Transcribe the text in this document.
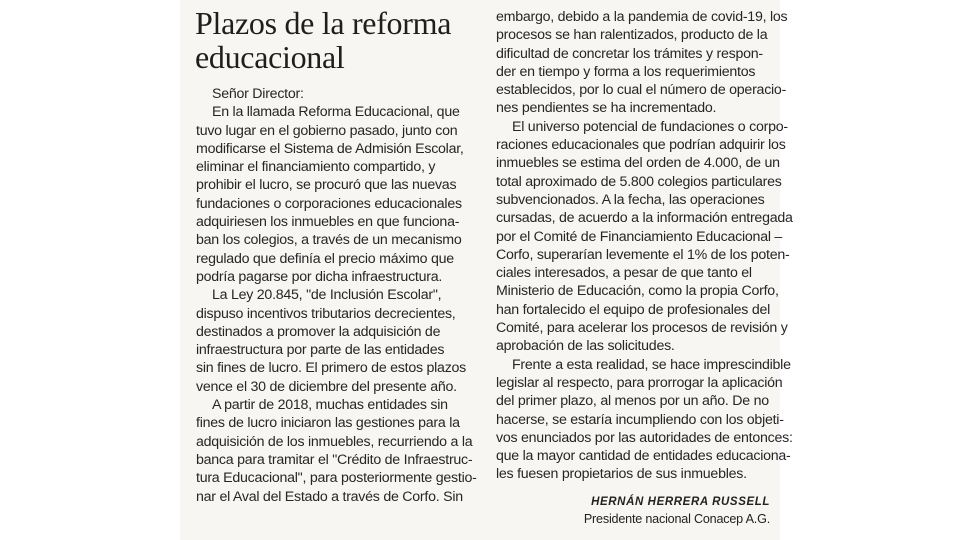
Plazos de la reforma
educacional
Señor Director:
En la llamada Reforma Educacional, que
tuvo lugar en el gobierno pasado, junto con
modificarse el Sistema de Admisión Escolar,
eliminar el financiamiento compartido, y
prohibir el lucro, se procuró que las nuevas
fundaciones o corporaciones educacionales
adquiriesen los inmuebles en que funciona-
ban los colegios, a través de un mecanismo
regulado que definía el precio máximo que
podría pagarse por dicha infraestructura.
La Ley 20.845, "de Inclusión Escolar",
dispuso incentivos tributarios decrecientes,
destinados a promover la adquisición de
infraestructura por parte de las entidades
sin fines de lucro. El primero de estos plazos
vence el 30 de diciembre del presente año.
A partir de 2018, muchas entidades sin
fines de lucro iniciaron las gestiones para la
adquisición de los inmuebles, recurriendo a la
banca para tramitar el "Crédito de Infraestruc-
tura Educacional", para posteriormente gestio-
nar el Aval del Estado a través de Corfo. Sin
embargo, debido a la pandemia de covid-19, los
procesos se han ralentizados, producto de la
dificultad de concretar los trámites y respon-
der en tiempo y forma a los requerimientos
establecidos, por lo cual el número de operacio-
nes pendientes se ha incrementado.
El universo potencial de fundaciones o corpo-
raciones educacionales que podrían adquirir los
inmuebles se estima del orden de 4.000, de un
total aproximado de 5.800 colegios particulares
subvencionados. A la fecha, las operaciones
cursadas, de acuerdo a la información entregada
por el Comité de Financiamiento Educacional –
Corfo, superarían levemente el 1% de los poten-
ciales interesados, a pesar de que tanto el
Ministerio de Educación, como la propia Corfo,
han fortalecido el equipo de profesionales del
Comité, para acelerar los procesos de revisión y
aprobación de las solicitudes.
Frente a esta realidad, se hace imprescindible
legislar al respecto, para prorrogar la aplicación
del primer plazo, al menos por un año. De no
hacerse, se estaría incumpliendo con los objeti-
vos enunciados por las autoridades de entonces:
que la mayor cantidad de entidades educaciona-
les fuesen propietarios de sus inmuebles.
HERNÁN HERRERA RUSSELL
Presidente nacional Conacep A.G.
